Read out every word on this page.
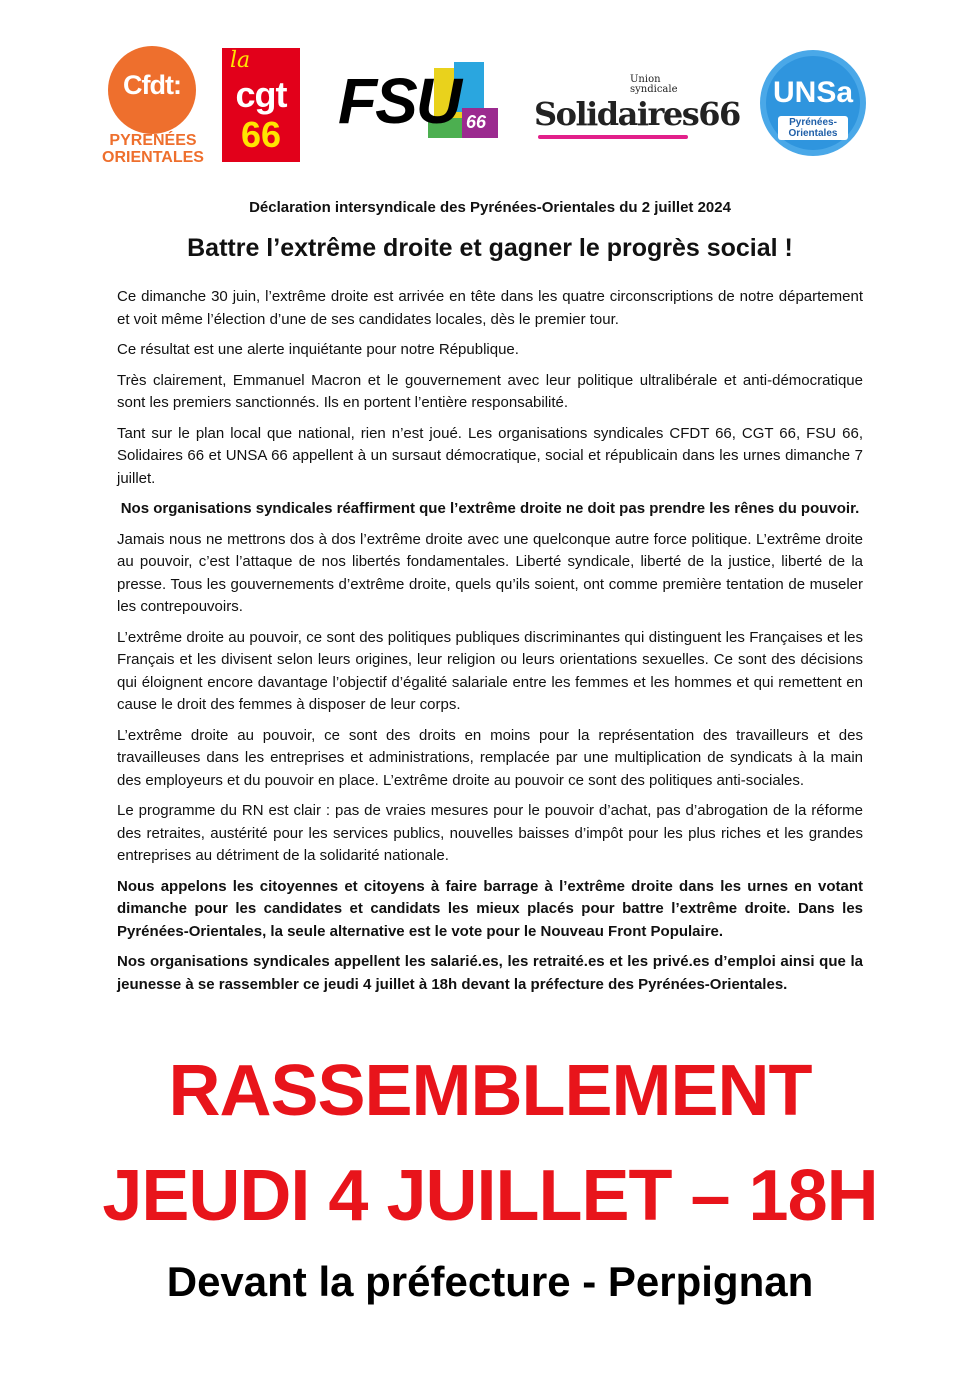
Cfdt:
PYRÉNÉES
ORIENTALES
la
cgt
66 FSU 66
Union syndicale
Solidaires66
UNSa
Pyrénées-Orientales
Déclaration intersyndicale des Pyrénées-Orientales du 2 juillet 2024
Battre l’extrême droite et gagner le progrès social !

Ce dimanche 30 juin, l’extrême droite est arrivée en tête dans les quatre circonscriptions de notre département et voit même l’élection d’une de ses candidates locales, dès le premier tour.

Ce résultat est une alerte inquiétante pour notre République.

Très clairement, Emmanuel Macron et le gouvernement avec leur politique ultralibérale et anti-démocratique sont les premiers sanctionnés. Ils en portent l’entière responsabilité.

Tant sur le plan local que national, rien n’est joué. Les organisations syndicales CFDT 66, CGT 66, FSU 66, Solidaires 66 et UNSA 66 appellent à un sursaut démocratique, social et républicain dans les urnes dimanche 7 juillet.

Nos organisations syndicales réaffirment que l’extrême droite ne doit pas prendre les rênes du pouvoir.

Jamais nous ne mettrons dos à dos l’extrême droite avec une quelconque autre force politique. L’extrême droite au pouvoir, c’est l’attaque de nos libertés fondamentales. Liberté syndicale, liberté de la justice, liberté de la presse. Tous les gouvernements d’extrême droite, quels qu’ils soient, ont comme première tentation de museler les contrepouvoirs.

L’extrême droite au pouvoir, ce sont des politiques publiques discriminantes qui distinguent les Françaises et les Français et les divisent selon leurs origines, leur religion ou leurs orientations sexuelles. Ce sont des décisions qui éloignent encore davantage l’objectif d’égalité salariale entre les femmes et les hommes et qui remettent en cause le droit des femmes à disposer de leur corps.

L’extrême droite au pouvoir, ce sont des droits en moins pour la représentation des travailleurs et des travailleuses dans les entreprises et administrations, remplacée par une multiplication de syndicats à la main des employeurs et du pouvoir en place. L’extrême droite au pouvoir ce sont des politiques anti-sociales.

Le programme du RN est clair : pas de vraies mesures pour le pouvoir d’achat, pas d’abrogation de la réforme des retraites, austérité pour les services publics, nouvelles baisses d’impôt pour les plus riches et les grandes entreprises au détriment de la solidarité nationale.

Nous appelons les citoyennes et citoyens à faire barrage à l’extrême droite dans les urnes en votant dimanche pour les candidates et candidats les mieux placés pour battre l’extrême droite. Dans les Pyrénées-Orientales, la seule alternative est le vote pour le Nouveau Front Populaire.

Nos organisations syndicales appellent les salarié.es, les retraité.es et les privé.es d’emploi ainsi que la jeunesse à se rassembler ce jeudi 4 juillet à 18h devant la préfecture des Pyrénées-Orientales.

RASSEMBLEMENT
JEUDI 4 JUILLET – 18H
Devant la préfecture - Perpignan
